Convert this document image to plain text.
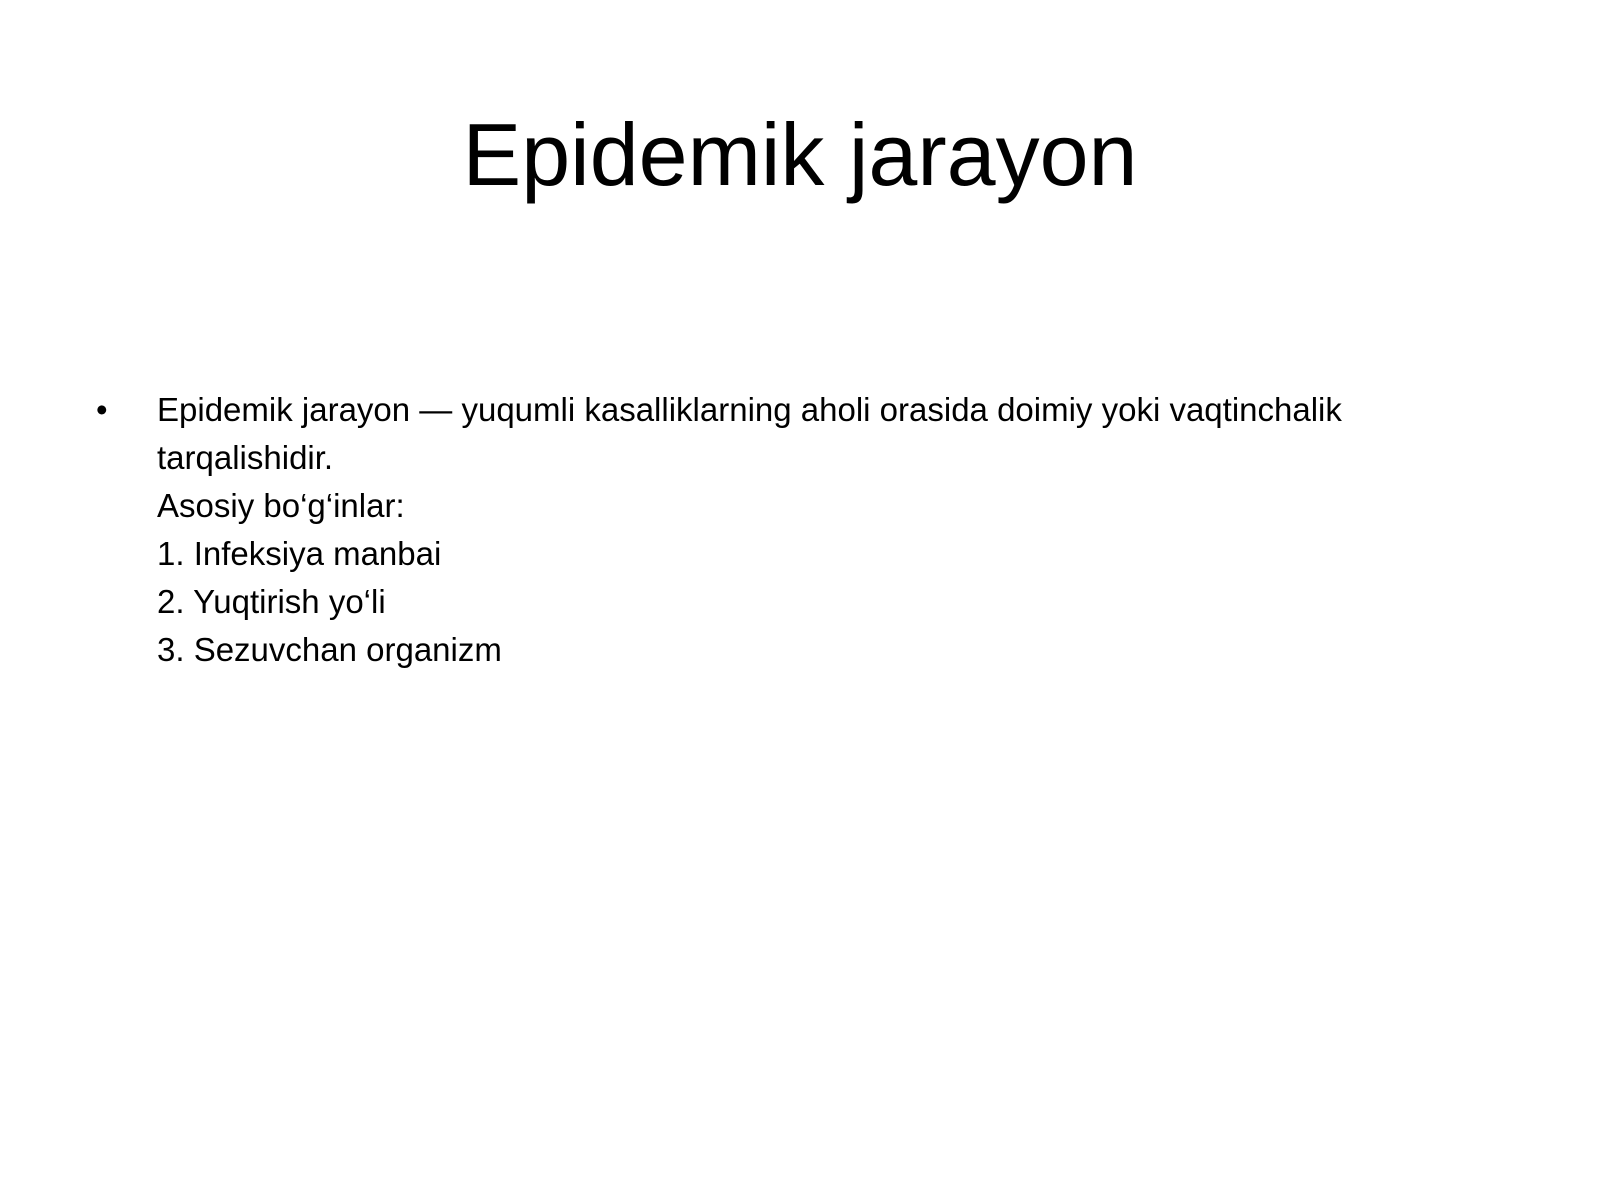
Epidemik jarayon
•	Epidemik jarayon — yuqumli kasalliklarning aholi orasida doimiy yoki vaqtinchalik
tarqalishidir.
Asosiy bo‘g‘inlar:
1. Infeksiya manbai
2. Yuqtirish yo‘li
3. Sezuvchan organizm
